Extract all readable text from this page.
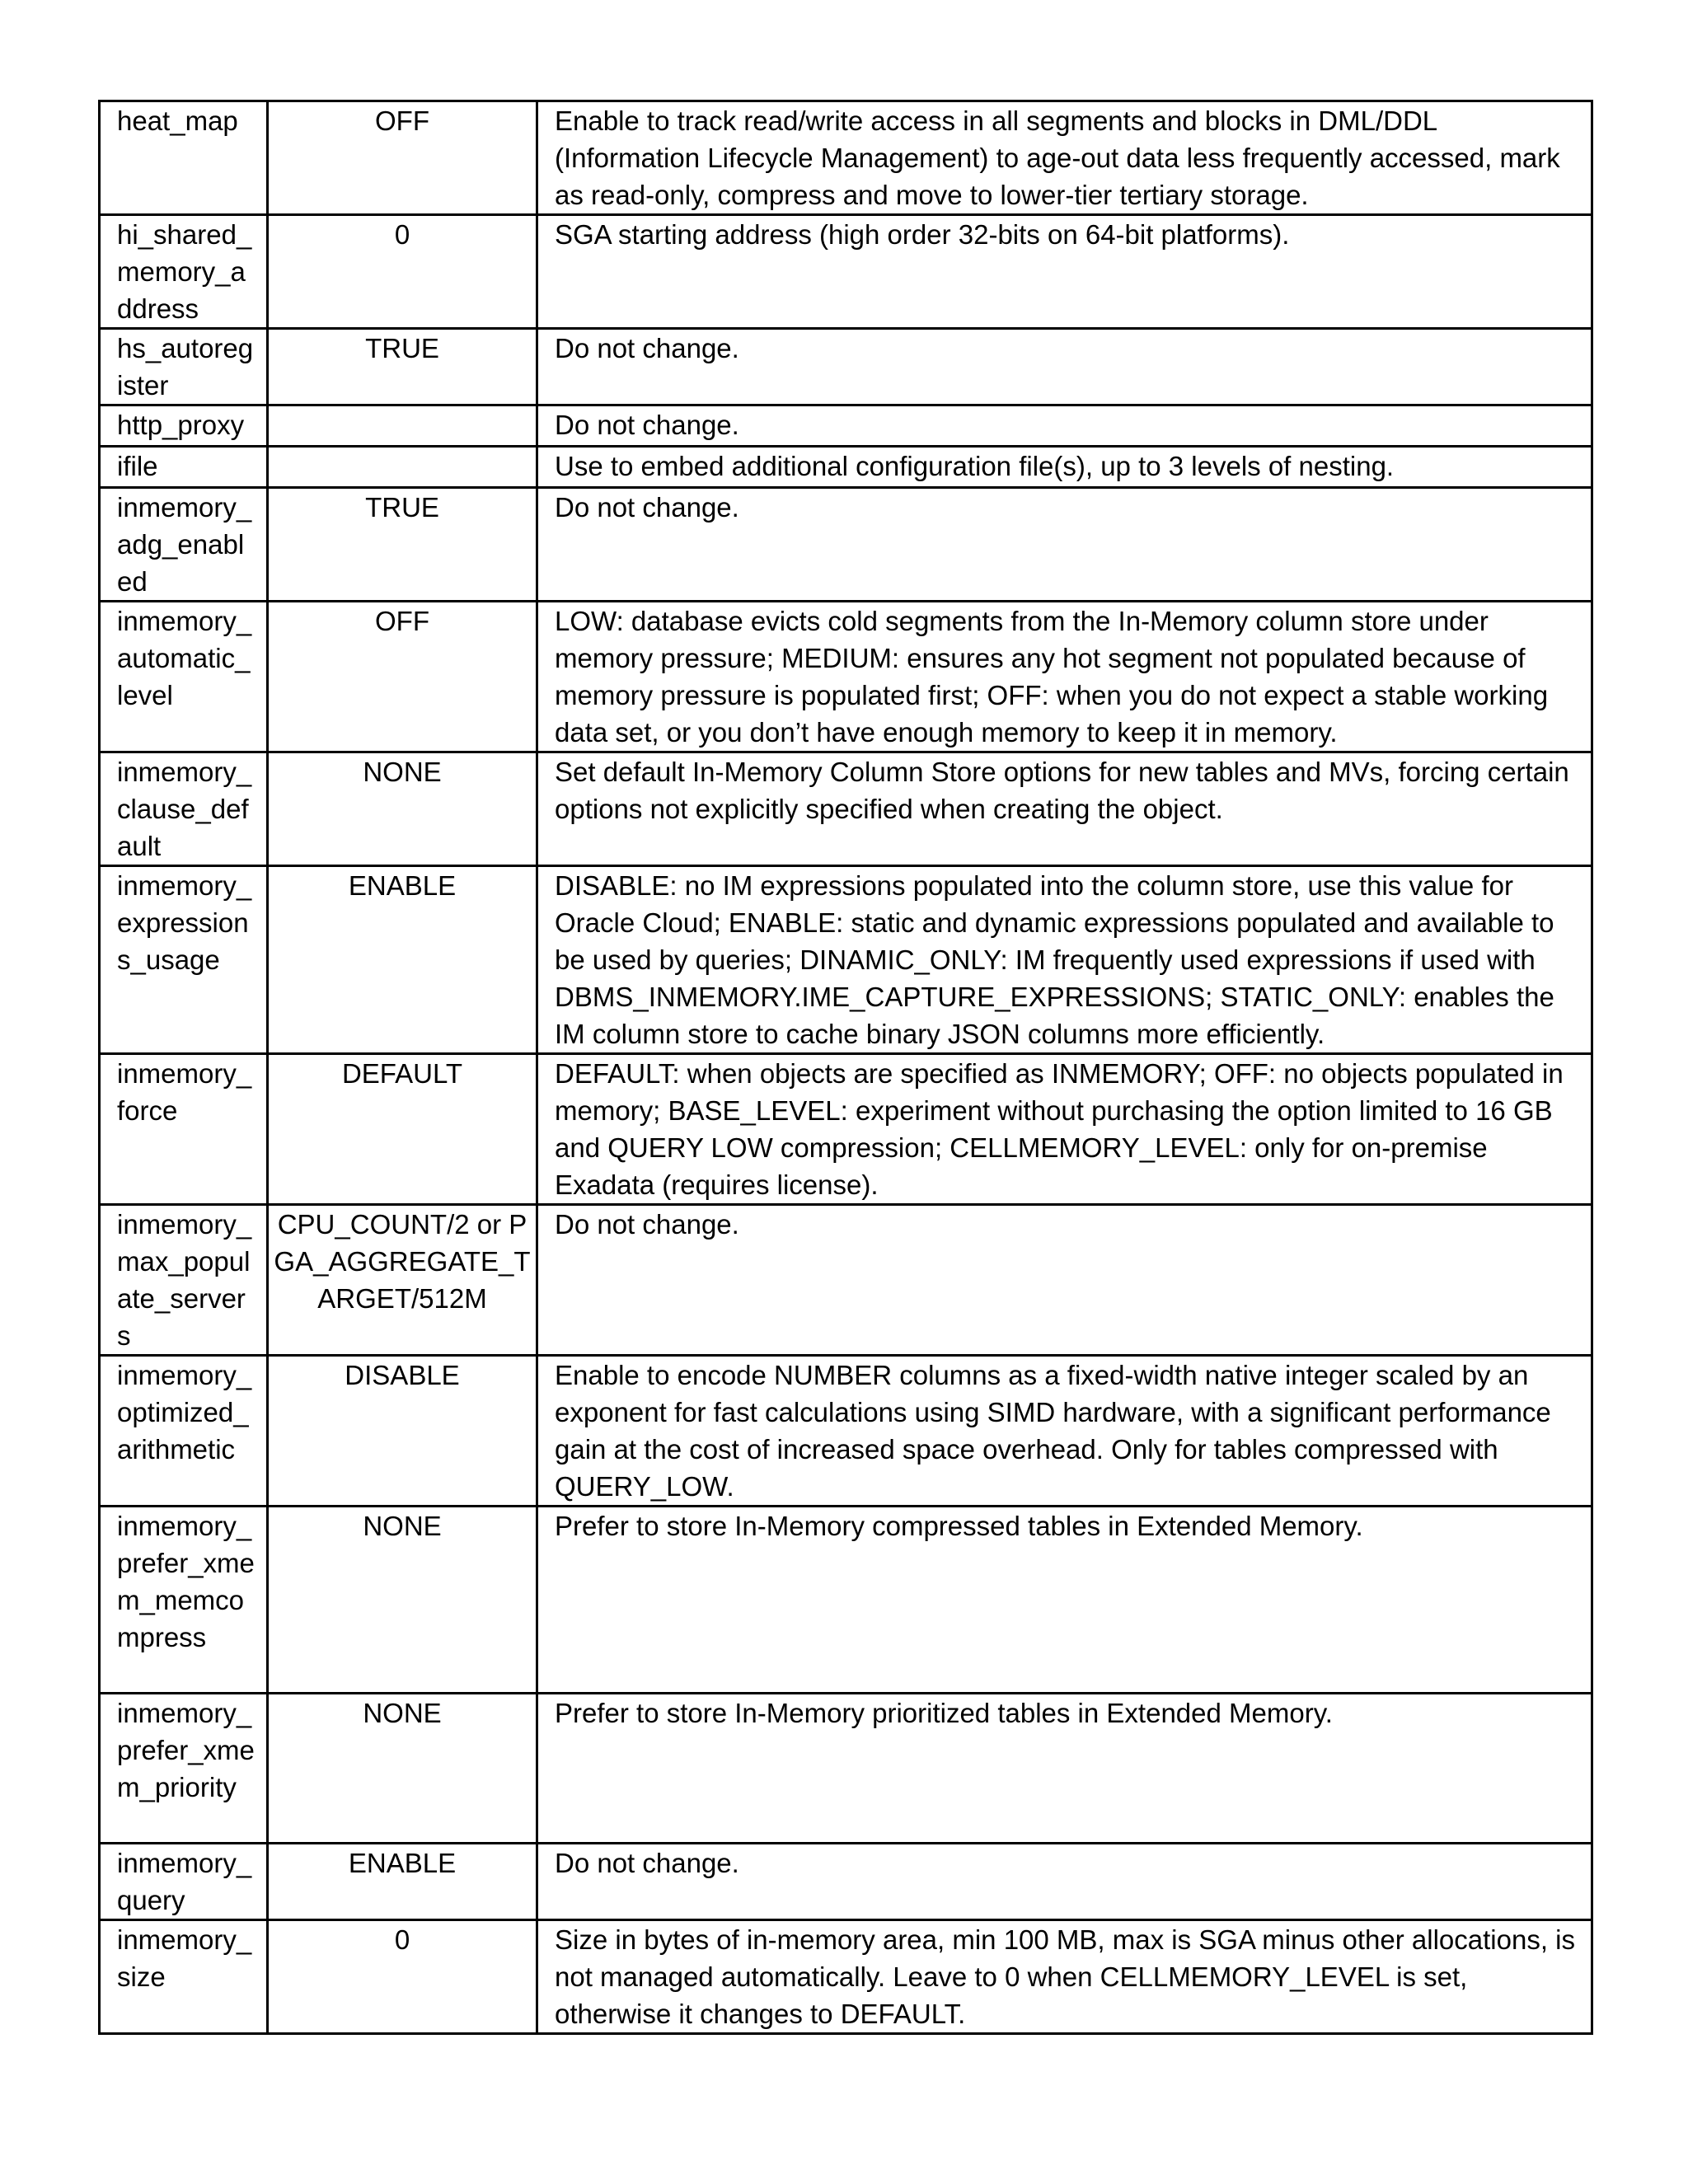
heat_map	OFF	Enable to track read/write access in all segments and blocks in DML/DDL (Information Lifecycle Management) to age-out data less frequently accessed, mark as read-only, compress and move to lower-tier tertiary storage.
hi_shared_memory_address	0	SGA starting address (high order 32-bits on 64-bit platforms).
hs_autoregister	TRUE	Do not change.
http_proxy		Do not change.
ifile		Use to embed additional configuration file(s), up to 3 levels of nesting.
inmemory_adg_enabled	TRUE	Do not change.
inmemory_automatic_level	OFF	LOW: database evicts cold segments from the In-Memory column store under memory pressure; MEDIUM: ensures any hot segment not populated because of memory pressure is populated first; OFF: when you do not expect a stable working data set, or you don’t have enough memory to keep it in memory.
inmemory_clause_default	NONE	Set default In-Memory Column Store options for new tables and MVs, forcing certain options not explicitly specified when creating the object.
inmemory_expressions_usage	ENABLE	DISABLE: no IM expressions populated into the column store, use this value for Oracle Cloud; ENABLE: static and dynamic expressions populated and available to be used by queries; DINAMIC_ONLY: IM frequently used expressions if used with DBMS_INMEMORY.IME_CAPTURE_EXPRESSIONS; STATIC_ONLY: enables the IM column store to cache binary JSON columns more efficiently.
inmemory_force	DEFAULT	DEFAULT: when objects are specified as INMEMORY; OFF: no objects populated in memory; BASE_LEVEL: experiment without purchasing the option limited to 16 GB and QUERY LOW compression; CELLMEMORY_LEVEL: only for on-premise Exadata (requires license).
inmemory_max_populate_servers	CPU_COUNT/2 or PGA_AGGREGATE_TARGET/512M	Do not change.
inmemory_optimized_arithmetic	DISABLE	Enable to encode NUMBER columns as a fixed-width native integer scaled by an exponent for fast calculations using SIMD hardware, with a significant performance gain at the cost of increased space overhead. Only for tables compressed with QUERY_LOW.
inmemory_prefer_xmem_memcompress	NONE	Prefer to store In-Memory compressed tables in Extended Memory.
inmemory_prefer_xmem_priority	NONE	Prefer to store In-Memory prioritized tables in Extended Memory.
inmemory_query	ENABLE	Do not change.
inmemory_size	0	Size in bytes of in-memory area, min 100 MB, max is SGA minus other allocations, is not managed automatically. Leave to 0 when CELLMEMORY_LEVEL is set, otherwise it changes to DEFAULT.
